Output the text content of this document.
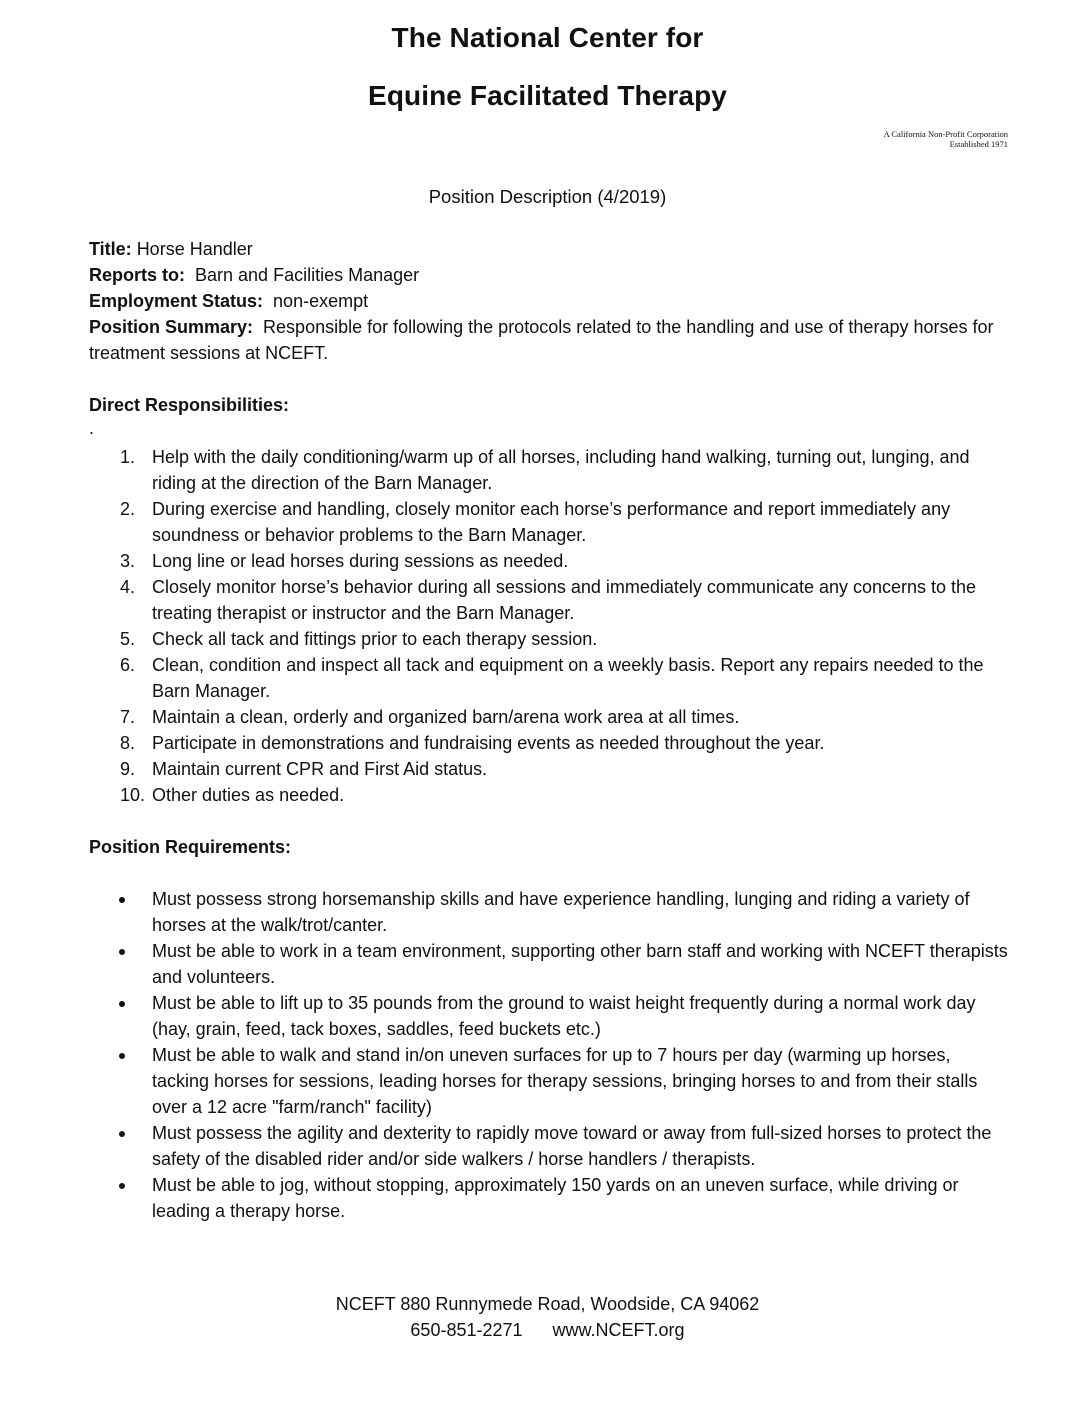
The National Center for
Equine Facilitated Therapy
A California Non-Profit Corporation
Established 1971
Position Description (4/2019)
Title: Horse Handler
Reports to: Barn and Facilities Manager
Employment Status: non-exempt
Position Summary: Responsible for following the protocols related to the handling and use of therapy horses for treatment sessions at NCEFT.
Direct Responsibilities:
.
1. Help with the daily conditioning/warm up of all horses, including hand walking, turning out, lunging, and riding at the direction of the Barn Manager.
2. During exercise and handling, closely monitor each horse’s performance and report immediately any soundness or behavior problems to the Barn Manager.
3. Long line or lead horses during sessions as needed.
4. Closely monitor horse’s behavior during all sessions and immediately communicate any concerns to the treating therapist or instructor and the Barn Manager.
5. Check all tack and fittings prior to each therapy session.
6. Clean, condition and inspect all tack and equipment on a weekly basis. Report any repairs needed to the Barn Manager.
7. Maintain a clean, orderly and organized barn/arena work area at all times.
8. Participate in demonstrations and fundraising events as needed throughout the year.
9. Maintain current CPR and First Aid status.
10. Other duties as needed.
Position Requirements:
Must possess strong horsemanship skills and have experience handling, lunging and riding a variety of horses at the walk/trot/canter.
Must be able to work in a team environment, supporting other barn staff and working with NCEFT therapists and volunteers.
Must be able to lift up to 35 pounds from the ground to waist height frequently during a normal work day (hay, grain, feed, tack boxes, saddles, feed buckets etc.)
Must be able to walk and stand in/on uneven surfaces for up to 7 hours per day (warming up horses, tacking horses for sessions, leading horses for therapy sessions, bringing horses to and from their stalls over a 12 acre "farm/ranch" facility)
Must possess the agility and dexterity to rapidly move toward or away from full-sized horses to protect the safety of the disabled rider and/or side walkers / horse handlers / therapists.
Must be able to jog, without stopping, approximately 150 yards on an uneven surface, while driving or leading a therapy horse.
NCEFT 880 Runnymede Road, Woodside, CA 94062
650-851-2271 www.NCEFT.org
